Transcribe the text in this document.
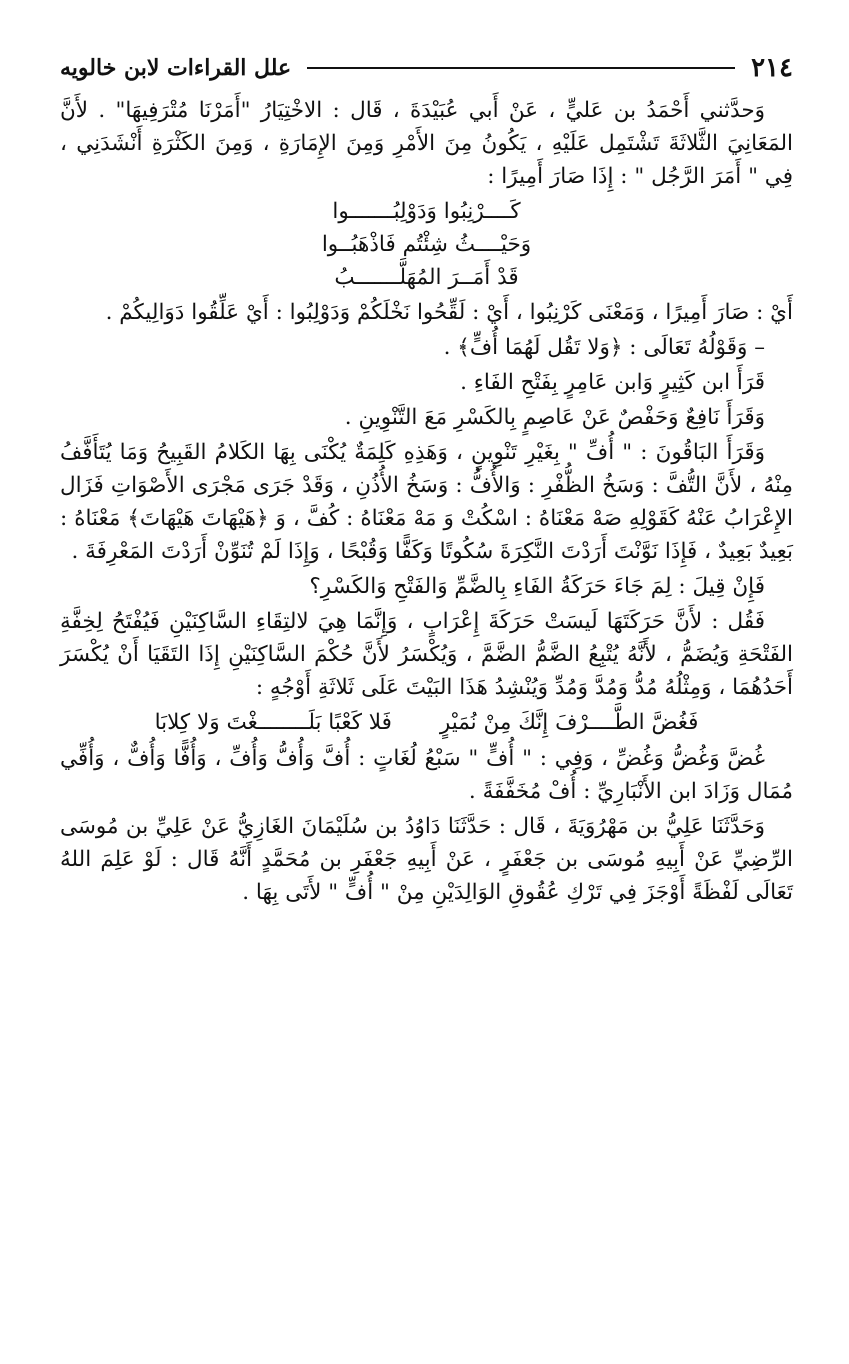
٢١٤
علل القراءات لابن خالويه

وَحدَّثني أَحْمَدُ بن عَليٍّ ، عَنْ أَبي عُبَيْدَةَ ، قَال : الاخْتِيَارُ "أَمَرْنَا مُتْرَفِيهَا" . لأَنَّ المَعَانِيَ الثَّلاثَةَ تَشْتَمِل عَلَيْهِ ، يَكُونُ مِنَ الأَمْرِ وَمِنَ الإِمَارَةِ ، وَمِنَ الكَثْرَةِ أَنْشَدَنِي ، فِي " أَمَرَ الرَّجُل " : إِذَا صَارَ أَمِيرًا :

كَــــرْنِبُوا وَدَوْلِبُـــــــوا
وَحَيْــــثُ شِئْتُم فَاذْهَبُــوا
قَدْ أَمَــرَ المُهَلَّـــــــبُ

أَيْ : صَارَ أَمِيرًا ، وَمَعْنَى كَرْنِبُوا ، أَيْ : لَقِّحُوا نَخْلَكُمْ وَدَوْلِبُوا : أَيْ عَلِّقُوا دَوَالِيكُمْ .

– وَقَوْلُهُ تَعَالَى : ﴿وَلا تَقُل لَهُمَا أُفٍّ﴾ .

قَرَأَ ابن كَثِيرٍ وَابن عَامِرٍ بِفَتْحِ الفَاءِ .

وَقَرَأَ نَافِعٌ وَحَفْصٌ عَنْ عَاصِمٍ بِالكَسْرِ مَعَ التَّنْوِينِ .

وَقَرَأَ البَاقُونَ : " أُفِّ " بِغَيْرِ تَنْوِينٍ ، وَهَذِهِ كَلِمَةٌ يُكْنَى بِهَا الكَلامُ القَبِيحُ وَمَا يُتَأَفَّفُ مِنْهُ ، لأَنَّ التُّفَّ : وَسَخُ الظُّفْرِ : وَالأُفُّ : وَسَخُ الأُذُنِ ، وَقَدْ جَرَى مَجْرَى الأَصْوَاتِ فَزَال الإِعْرَابُ عَنْهُ كَقَوْلِهِ صَهْ مَعْنَاهُ : اسْكُتْ وَ مَهْ مَعْنَاهُ : كُفَّ ، وَ ﴿هَيْهَاتَ هَيْهَاتَ﴾ مَعْنَاهُ : بَعِيدٌ بَعِيدٌ ، فَإِذَا نَوَّنْتَ أَرَدْتَ النَّكِرَةَ سُكُوتًا وَكَفًّا وَقُبْحًا ، وَإِذَا لَمْ تُنَوِّنْ أَرَدْتَ المَعْرِفَةَ .

فَإِنْ قِيلَ : لِمَ جَاءَ حَرَكَةُ الفَاءِ بِالضَّمِّ وَالفَتْحِ وَالكَسْرِ؟

فَقُل : لأَنَّ حَرَكَتَهَا لَيسَتْ حَرَكَةَ إِعْرَابٍ ، وَإِنَّمَا هِيَ لالتِقَاءِ السَّاكِنَيْنِ فَيُفْتَحُ لِخِفَّةِ الفَتْحَةِ وَيُضَمُّ ، لأَنَّهُ يُتْبِعُ الضَّمُّ الضَّمَّ ، وَيُكْسَرُ لأَنَّ حُكْمَ السَّاكِنَيْنِ إِذَا التَقَيَا أَنْ يُكْسَرَ أَحَدُهُمَا ، وَمِثْلُهُ مُدُّ وَمُدَّ وَمُدِّ وَيُنْشِدُ هَذَا البَيْتَ عَلَى ثَلاثَةِ أَوْجُهٍ :

فَغُضَّ الطَّــــرْفَ إِنَّكَ مِنْ نُمَيْرٍ
فَلا كَعْبًا بَلَــــــــغْتَ وَلا كِلابَا

غُضَّ وَغُضُّ وَغُضِّ ، وَفِي : " أُفٍّ " سَبْعُ لُغَاتٍ : أُفَّ وَأُفُّ وَأُفِّ ، وَأُفًّا وَأُفٌّ ، وَأُفِّي مُمَال وَزَادَ ابن الأَنْبَارِيِّ : أُفْ مُخَفَّفَةً .

وَحَدَّثَنَا عَلِيُّ بن مَهْرُوَيَةَ ، قَال : حَدَّثَنَا دَاوُدُ بن سُلَيْمَانَ الغَازِيُّ عَنْ عَلِيِّ بن مُوسَى الرِّضِيِّ عَنْ أَبِيهِ مُوسَى بن جَعْفَرٍ ، عَنْ أَبِيهِ جَعْفَرِ بن مُحَمَّدٍ أَنَّهُ قَال : لَوْ عَلِمَ اللهُ تَعَالَى لَفْظَةً أَوْجَزَ فِي تَرْكِ عُقُوقِ الوَالِدَيْنِ مِنْ " أُفٍّ " لأَتَى بِهَا .
